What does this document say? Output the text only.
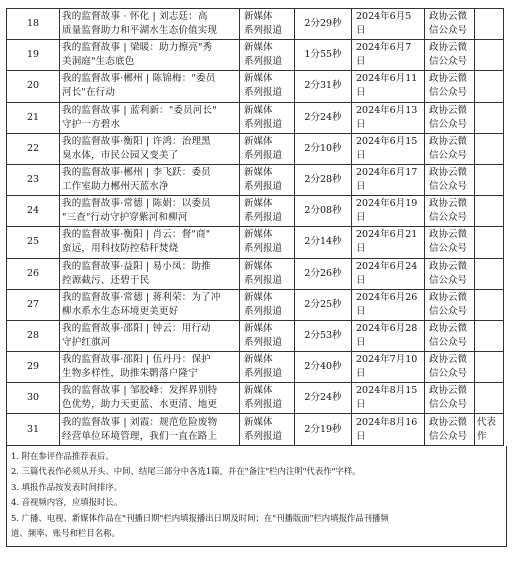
18	我的监督故事 · 怀化 | 刘志廷：高
质量监督助力和平湖水生态价值实现	新媒体
系列报道	2分29秒	2024年6月5
日	政协云微
信公众号	

19	我的监督故事 | 梁暖：助力擦亮"秀
美洞庭"生态底色	新媒体
系列报道	1分55秒	2024年6月7
日	政协云微
信公众号	

20	我的监督故事·郴州 | 陈锦梅："委员
河长"在行动	新媒体
系列报道	2分31秒	2024年6月11
日	政协云微
信公众号	

21	我的监督故事 | 蓝利新："委员河长"
守护一方碧水	新媒体
系列报道	2分24秒	2024年6月13
日	政协云微
信公众号	

22	我的监督故事·衡阳 | 许鸿：治理黑
臭水体，市民公园又变美了	新媒体
系列报道	2分10秒	2024年6月15
日	政协云微
信公众号	

23	我的监督故事·郴州 | 李飞跃：委员
工作室助力郴州天蓝水净	新媒体
系列报道	2分28秒	2024年6月17
日	政协云微
信公众号	

24	我的监督故事·常德 | 陈娟：以委员
"三查"行动守护穿紫河和柳河	新媒体
系列报道	2分08秒	2024年6月19
日	政协云微
信公众号	

25	我的监督故事·衡阳 | 肖云：督"商"
蛮远，用科技防控秸秆焚烧	新媒体
系列报道	2分14秒	2024年6月21
日	政协云微
信公众号	

26	我的监督故事·益阳 | 易小凤：助推
控源截污、还碧于民	新媒体
系列报道	2分26秒	2024年6月24
日	政协云微
信公众号	

27	我的监督故事·常德 | 蒋利荣：为了冲
柳水系水生态环境更美更好	新媒体
系列报道	2分25秒	2024年6月26
日	政协云微
信公众号	

28	我的监督故事·邵阳 | 钟云：用行动
守护红旗河	新媒体
系列报道	2分53秒	2024年6月28
日	政协云微
信公众号	

29	我的监督故事·邵阳 | 伍丹丹：保护
生物多样性，助推朱鹮落户隆宁	新媒体
系列报道	2分40秒	2024年7月10
日	政协云微
信公众号	

30	我的监督故事 | 邹胶峰：发挥界别特
色优势，助力天更蓝、水更清、地更	新媒体
系列报道	2分24秒	2024年8月15
日	政协云微
信公众号	

31	我的监督故事 | 刘霞：规范危险废物
经营单位环境管理，我们一直在路上	新媒体
系列报道	2分19秒	2024年8月16
日	政协云微
信公众号	代表作

1. 附在参评作品推荐表后。

2. 三篇代表作必须从开头、中间、结尾三部分中各选1篇，并在"备注"栏内注明"代表作"字样。

3. 填报作品按发表时间排序。

4. 音视频内容，应填报时长。

5. 广播、电视、新媒体作品在"刊播日期"栏内填报播出日期及时间；在"刊播版面"栏内填报作品刊播频

道、频率、账号和栏目名称。
